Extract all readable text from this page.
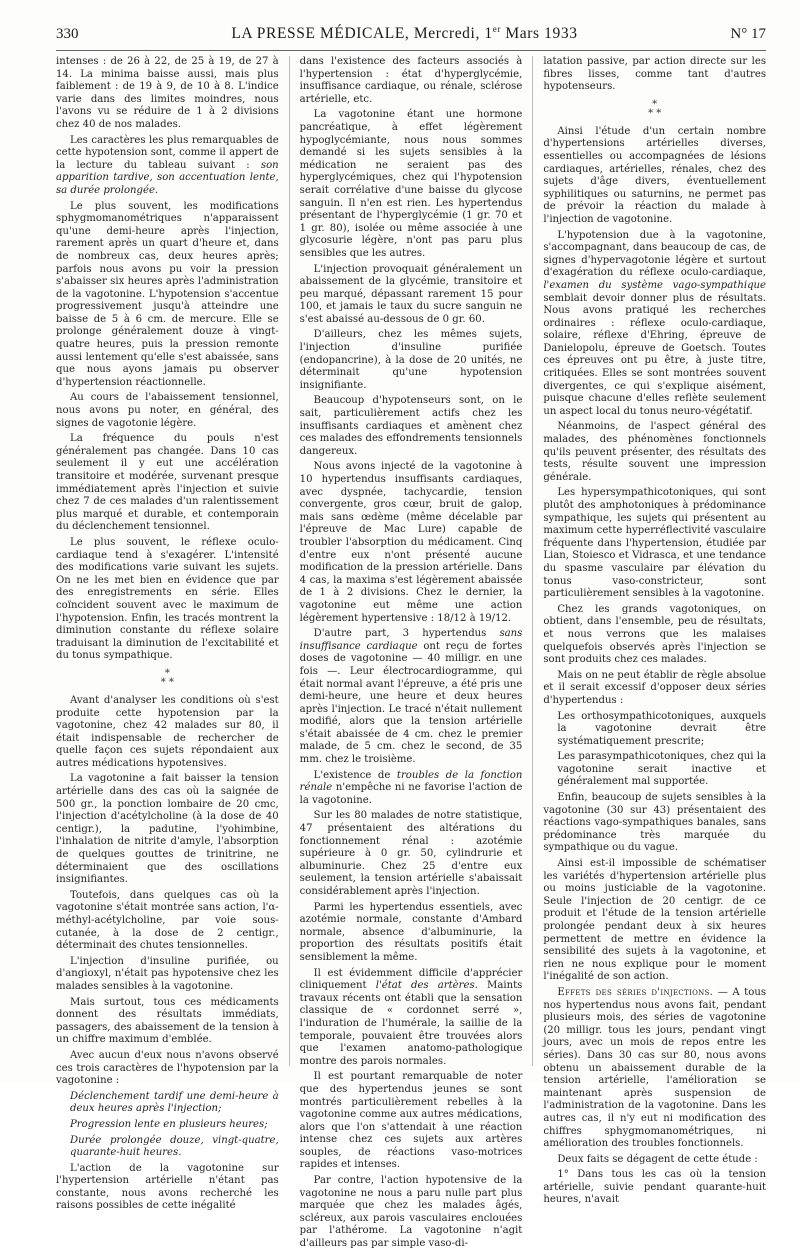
330	LA PRESSE MÉDICALE, Mercredi, 1er Mars 1933	N° 17

intenses : de 26 à 22, de 25 à 19, de 27 à 14. La minima baisse aussi, mais plus faiblement : de 19 à 9, de 10 à 8. L'indice varie dans des limites moindres, nous l'avons vu se réduire de 1 à 2 divisions chez 40 de nos malades.

Les caractères les plus remarquables de cette hypotension sont, comme il appert de la lecture du tableau suivant : son apparition tardive, son accentuation lente, sa durée prolongée.

Le plus souvent, les modifications sphygmomanométriques n'apparaissent qu'une demi-heure après l'injection, rarement après un quart d'heure et, dans de nombreux cas, deux heures après; parfois nous avons pu voir la pression s'abaisser six heures après l'administration de la vagotonine. L'hypotension s'accentue progressivement jusqu'à atteindre une baisse de 5 à 6 cm. de mercure. Elle se prolonge généralement douze à vingt-quatre heures, puis la pression remonte aussi lentement qu'elle s'est abaissée, sans que nous ayons jamais pu observer d'hypertension réactionnelle.

Au cours de l'abaissement tensionnel, nous avons pu noter, en général, des signes de vagotonie légère.

La fréquence du pouls n'est généralement pas changée. Dans 10 cas seulement il y eut une accélération transitoire et modérée, survenant presque immédiatement après l'injection et suivie chez 7 de ces malades d'un ralentissement plus marqué et durable, et contemporain du déclenchement tensionnel.

Le plus souvent, le réflexe oculo-cardiaque tend à s'exagérer. L'intensité des modifications varie suivant les sujets. On ne les met bien en évidence que par des enregistrements en série. Elles coïncident souvent avec le maximum de l'hypotension. Enfin, les tracés montrent la diminution constante du réflexe solaire traduisant la diminution de l'excitabilité et du tonus sympathique.

*
* *

Avant d'analyser les conditions où s'est produite cette hypotension par la vagotonine, chez 42 malades sur 80, il était indispensable de rechercher de quelle façon ces sujets répondaient aux autres médications hypotensives.

La vagotonine a fait baisser la tension artérielle dans des cas où la saignée de 500 gr., la ponction lombaire de 20 cmc, l'injection d'acétylcholine (à la dose de 40 centigr.), la padutine, l'yohimbine, l'inhalation de nitrite d'amyle, l'absorption de quelques gouttes de trinitrine, ne déterminaient que des oscillations insignifiantes.

Toutefois, dans quelques cas où la vagotonine s'était montrée sans action, l'α-méthyl-acétylcholine, par voie sous-cutanée, à la dose de 2 centigr., déterminait des chutes tensionnelles.

L'injection d'insuline purifiée, ou d'angioxyl, n'était pas hypotensive chez les malades sensibles à la vagotonine.

Mais surtout, tous ces médicaments donnent des résultats immédiats, passagers, des abaissement de la tension à un chiffre maximum d'emblée.

Avec aucun d'eux nous n'avons observé ces trois caractères de l'hypotension par la vagotonine :

Déclenchement tardif une demi-heure à deux heures après l'injection;

Progression lente en plusieurs heures;

Durée prolongée douze, vingt-quatre, quarante-huit heures.

L'action de la vagotonine sur l'hypertension artérielle n'étant pas constante, nous avons recherché les raisons possibles de cette inégalité

dans l'existence des facteurs associés à l'hypertension : état d'hyperglycémie, insuffisance cardiaque, ou rénale, sclérose artérielle, etc.

La vagotonine étant une hormone pancréatique, à effet légèrement hypoglycémiante, nous nous sommes demandé si les sujets sensibles à la médication ne seraient pas des hyperglycémiques, chez qui l'hypotension serait corrélative d'une baisse du glycose sanguin. Il n'en est rien. Les hypertendus présentant de l'hyperglycémie (1 gr. 70 et 1 gr. 80), isolée ou même associée à une glycosurie légère, n'ont pas paru plus sensibles que les autres.

L'injection provoquait généralement un abaissement de la glycémie, transitoire et peu marqué, dépassant rarement 15 pour 100, et jamais le taux du sucre sanguin ne s'est abaissé au-dessous de 0 gr. 60.

D'ailleurs, chez les mêmes sujets, l'injection d'insuline purifiée (endopancrine), à la dose de 20 unités, ne déterminait qu'une hypotension insignifiante.

Beaucoup d'hypotenseurs sont, on le sait, particulièrement actifs chez les insuffisants cardiaques et amènent chez ces malades des effondrements tensionnels dangereux.

Nous avons injecté de la vagotonine à 10 hypertendus insuffisants cardiaques, avec dyspnée, tachycardie, tension convergente, gros cœur, bruit de galop, mais sans œdème (même décelable par l'épreuve de Mac Lure) capable de troubler l'absorption du médicament. Cinq d'entre eux n'ont présenté aucune modification de la pression artérielle. Dans 4 cas, la maxima s'est légèrement abaissée de 1 à 2 divisions. Chez le dernier, la vagotonine eut même une action légèrement hypertensive : 18/12 à 19/12.

D'autre part, 3 hypertendus sans insuffisance cardiaque ont reçu de fortes doses de vagotonine — 40 milligr. en une fois —. Leur électrocardiogramme, qui était normal avant l'épreuve, a été pris une demi-heure, une heure et deux heures après l'injection. Le tracé n'était nullement modifié, alors que la tension artérielle s'était abaissée de 4 cm. chez le premier malade, de 5 cm. chez le second, de 35 mm. chez le troisième.

L'existence de troubles de la fonction rénale n'empêche ni ne favorise l'action de la vagotonine.

Sur les 80 malades de notre statistique, 47 présentaient des altérations du fonctionnement rénal : azotémie supérieure à 0 gr. 50, cylindrurie et albuminurie. Chez 25 d'entre eux seulement, la tension artérielle s'abaissait considérablement après l'injection.

Parmi les hypertendus essentiels, avec azotémie normale, constante d'Ambard normale, absence d'albuminurie, la proportion des résultats positifs était sensiblement la même.

Il est évidemment difficile d'apprécier cliniquement l'état des artères. Maints travaux récents ont établi que la sensation classique de « cordonnet serré », l'induration de l'humérale, la saillie de la temporale, pouvaient être trouvées alors que l'examen anatomo-pathologique montre des parois normales.

Il est pourtant remarquable de noter que des hypertendus jeunes se sont montrés particulièrement rebelles à la vagotonine comme aux autres médications, alors que l'on s'attendait à une réaction intense chez ces sujets aux artères souples, de réactions vaso-motrices rapides et intenses.

Par contre, l'action hypotensive de la vagotonine ne nous a paru nulle part plus marquée que chez les malades âgés, scléreux, aux parois vasculaires enclouées par l'athérome. La vagotonine n'agit d'ailleurs pas par simple vaso-di-

latation passive, par action directe sur les fibres lisses, comme tant d'autres hypotenseurs.

*
* *

Ainsi l'étude d'un certain nombre d'hypertensions artérielles diverses, essentielles ou accompagnées de lésions cardiaques, artérielles, rénales, chez des sujets d'âge divers, éventuellement syphilitiques ou saturnins, ne permet pas de prévoir la réaction du malade à l'injection de vagotonine.

L'hypotension due à la vagotonine, s'accompagnant, dans beaucoup de cas, de signes d'hypervagotonie légère et surtout d'exagération du réflexe oculo-cardiaque, l'examen du système vago-sympathique semblait devoir donner plus de résultats. Nous avons pratiqué les recherches ordinaires : réflexe oculo-cardiaque, solaire, réflexe d'Ehring, épreuve de Danielopolu, épreuve de Goetsch. Toutes ces épreuves ont pu être, à juste titre, critiquées. Elles se sont montrées souvent divergentes, ce qui s'explique aisément, puisque chacune d'elles reflète seulement un aspect local du tonus neuro-végétatif.

Néanmoins, de l'aspect général des malades, des phénomènes fonctionnels qu'ils peuvent présenter, des résultats des tests, résulte souvent une impression générale.

Les hypersympathicotoniques, qui sont plutôt des amphotoniques à prédominance sympathique, les sujets qui présentent au maximum cette hyperréflectivité vasculaire fréquente dans l'hypertension, étudiée par Lian, Stoiesco et Vidrasca, et une tendance du spasme vasculaire par élévation du tonus vaso-constricteur, sont particulièrement sensibles à la vagotonine.

Chez les grands vagotoniques, on obtient, dans l'ensemble, peu de résultats, et nous verrons que les malaises quelquefois observés après l'injection se sont produits chez ces malades.

Mais on ne peut établir de règle absolue et il serait excessif d'opposer deux séries d'hypertendus :

Les orthosympathicotoniques, auxquels la vagotonine devrait être systématiquement prescrite;

Les parasympathicotoniques, chez qui la vagotonine serait inactive et généralement mal supportée.

Enfin, beaucoup de sujets sensibles à la vagotonine (30 sur 43) présentaient des réactions vago-sympathiques banales, sans prédominance très marquée du sympathique ou du vague.

Ainsi est-il impossible de schématiser les variétés d'hypertension artérielle plus ou moins justiciable de la vagotonine. Seule l'injection de 20 centigr. de ce produit et l'étude de la tension artérielle prolongée pendant deux à six heures permettent de mettre en évidence la sensibilité des sujets à la vagotonine, et rien ne nous explique pour le moment l'inégalité de son action.

Effets des séries d'injections. — A tous nos hypertendus nous avons fait, pendant plusieurs mois, des séries de vagotonine (20 milligr. tous les jours, pendant vingt jours, avec un mois de repos entre les séries). Dans 30 cas sur 80, nous avons obtenu un abaissement durable de la tension artérielle, l'amélioration se maintenant après suspension de l'administration de la vagotonine. Dans les autres cas, il n'y eut ni modification des chiffres sphygmomanométriques, ni amélioration des troubles fonctionnels.

Deux faits se dégagent de cette étude :

1° Dans tous les cas où la tension artérielle, suivie pendant quarante-huit heures, n'avait
